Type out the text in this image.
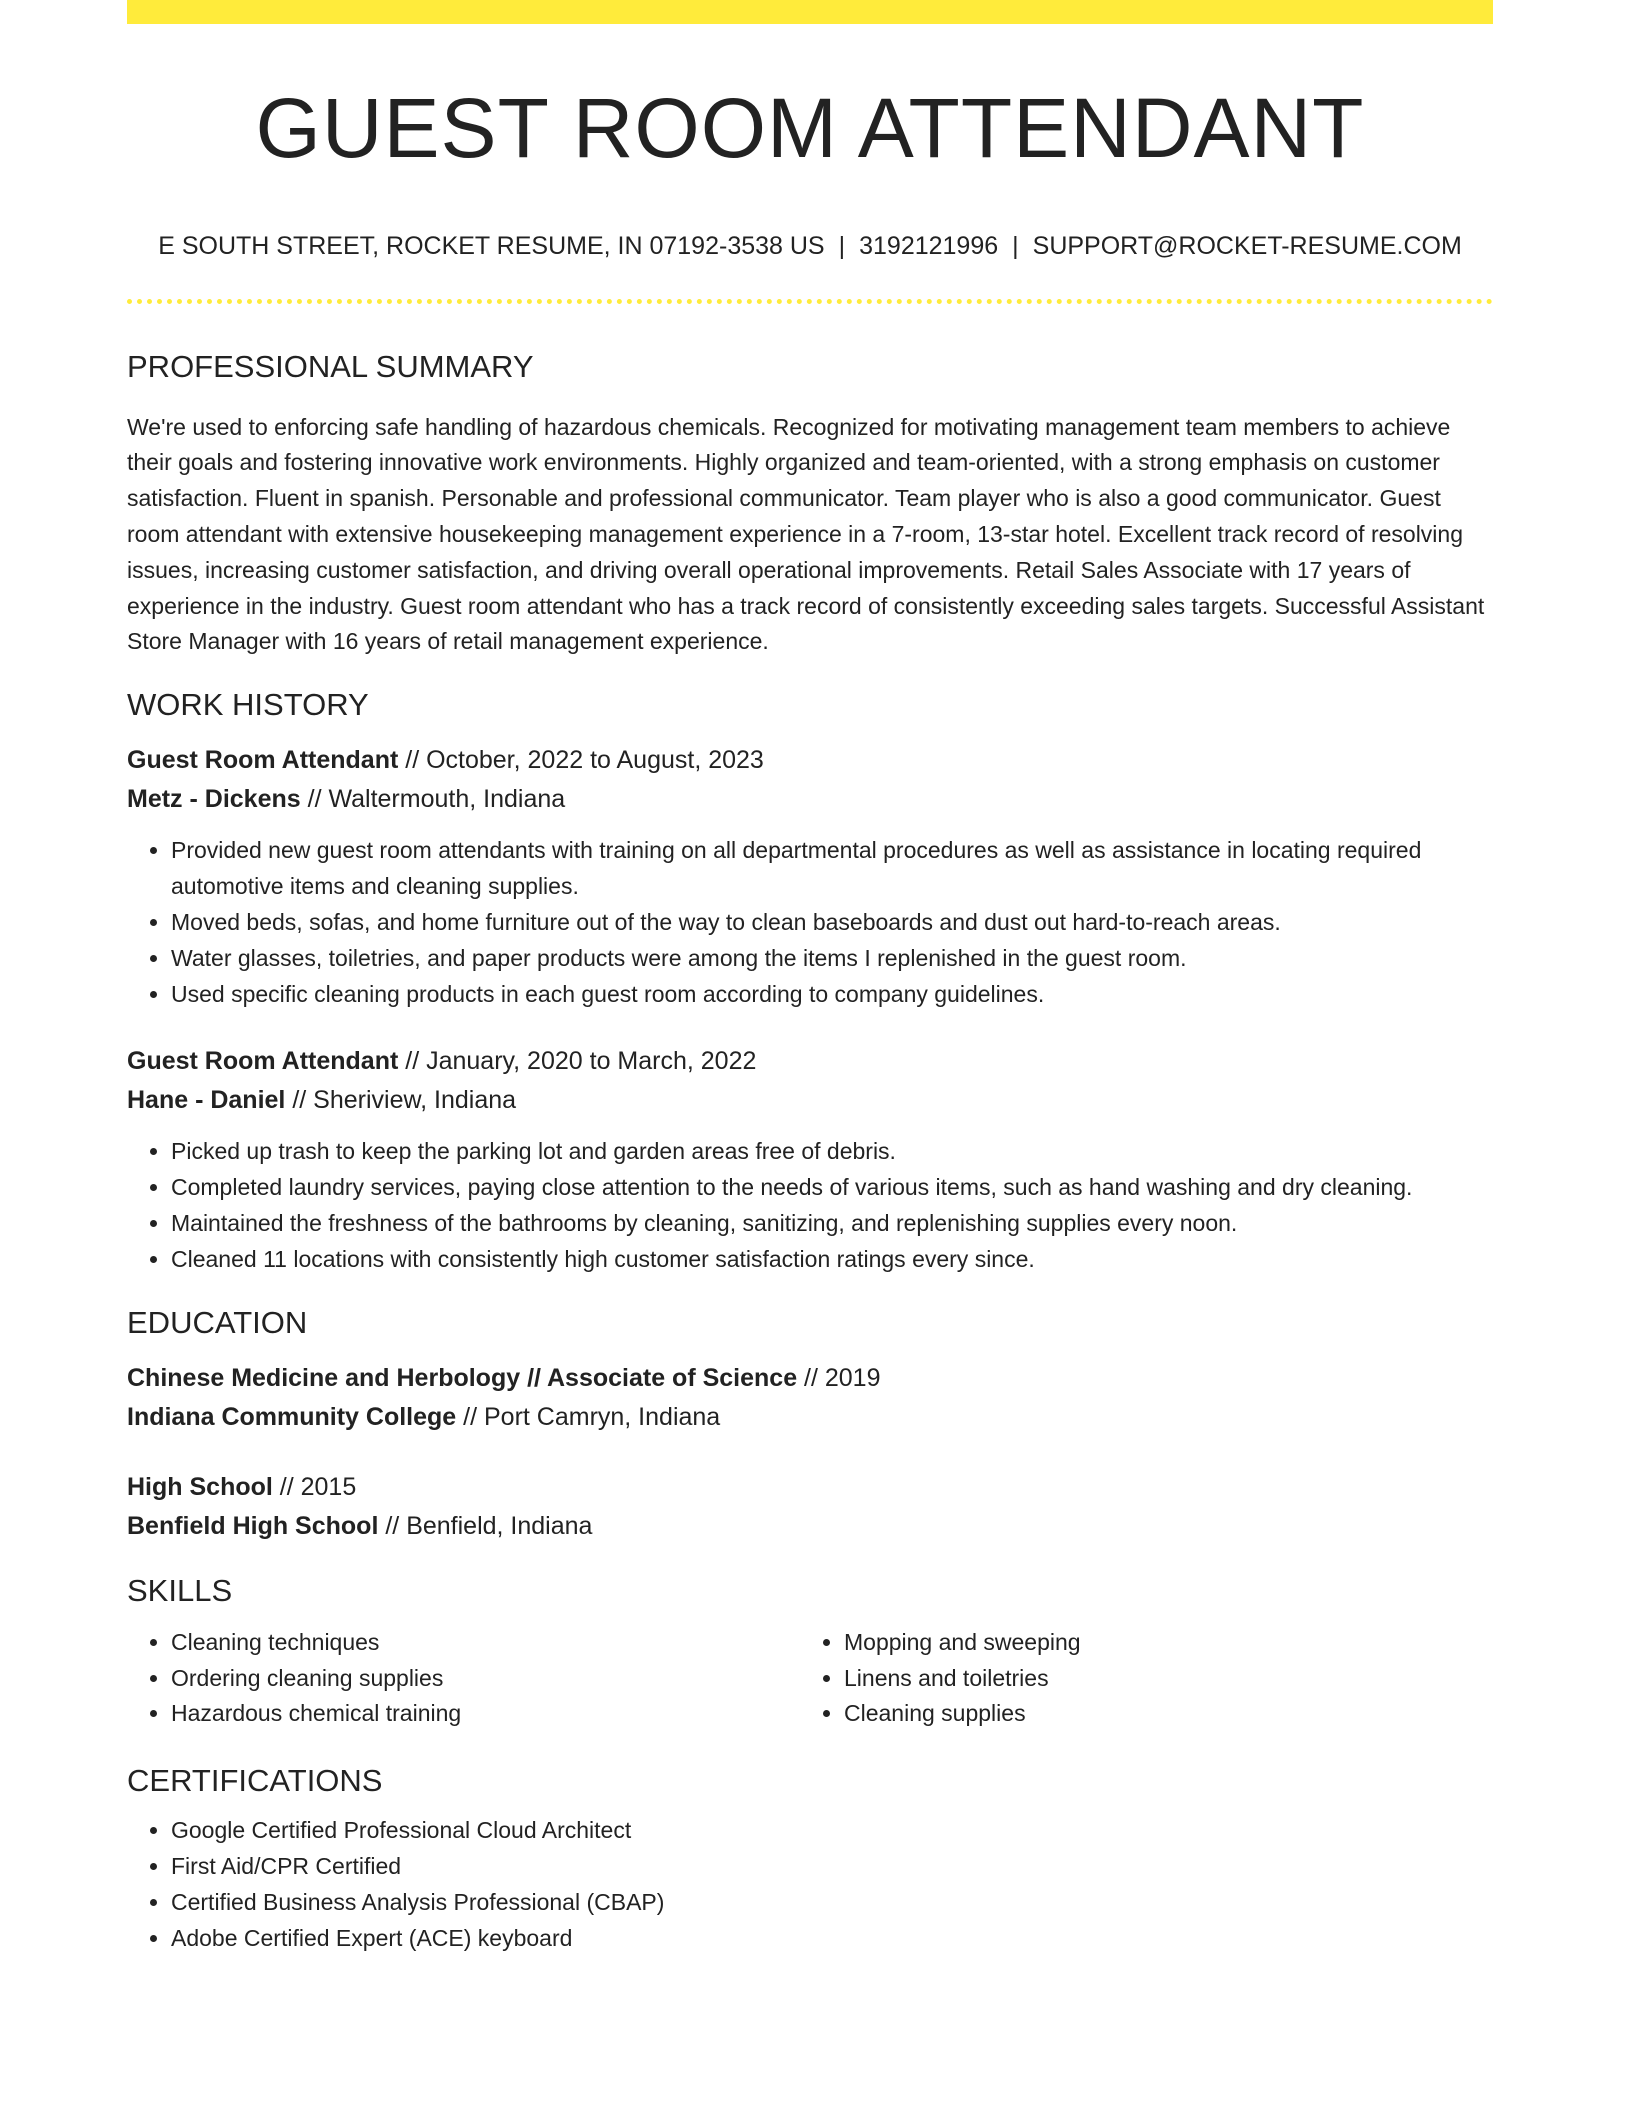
GUEST ROOM ATTENDANT
E SOUTH STREET, ROCKET RESUME, IN 07192-3538 US | 3192121996 | SUPPORT@ROCKET-RESUME.COM
PROFESSIONAL SUMMARY
We're used to enforcing safe handling of hazardous chemicals. Recognized for motivating management team members to achieve their goals and fostering innovative work environments. Highly organized and team-oriented, with a strong emphasis on customer satisfaction. Fluent in spanish. Personable and professional communicator. Team player who is also a good communicator. Guest room attendant with extensive housekeeping management experience in a 7-room, 13-star hotel. Excellent track record of resolving issues, increasing customer satisfaction, and driving overall operational improvements. Retail Sales Associate with 17 years of experience in the industry. Guest room attendant who has a track record of consistently exceeding sales targets. Successful Assistant Store Manager with 16 years of retail management experience.
WORK HISTORY
Guest Room Attendant // October, 2022 to August, 2023
Metz - Dickens // Waltermouth, Indiana
• Provided new guest room attendants with training on all departmental procedures as well as assistance in locating required automotive items and cleaning supplies.
• Moved beds, sofas, and home furniture out of the way to clean baseboards and dust out hard-to-reach areas.
• Water glasses, toiletries, and paper products were among the items I replenished in the guest room.
• Used specific cleaning products in each guest room according to company guidelines.
Guest Room Attendant // January, 2020 to March, 2022
Hane - Daniel // Sheriview, Indiana
• Picked up trash to keep the parking lot and garden areas free of debris.
• Completed laundry services, paying close attention to the needs of various items, such as hand washing and dry cleaning.
• Maintained the freshness of the bathrooms by cleaning, sanitizing, and replenishing supplies every noon.
• Cleaned 11 locations with consistently high customer satisfaction ratings every since.
EDUCATION
Chinese Medicine and Herbology // Associate of Science // 2019
Indiana Community College // Port Camryn, Indiana
High School // 2015
Benfield High School // Benfield, Indiana
SKILLS
• Cleaning techniques
• Ordering cleaning supplies
• Hazardous chemical training
• Mopping and sweeping
• Linens and toiletries
• Cleaning supplies
CERTIFICATIONS
• Google Certified Professional Cloud Architect
• First Aid/CPR Certified
• Certified Business Analysis Professional (CBAP)
• Adobe Certified Expert (ACE) keyboard
